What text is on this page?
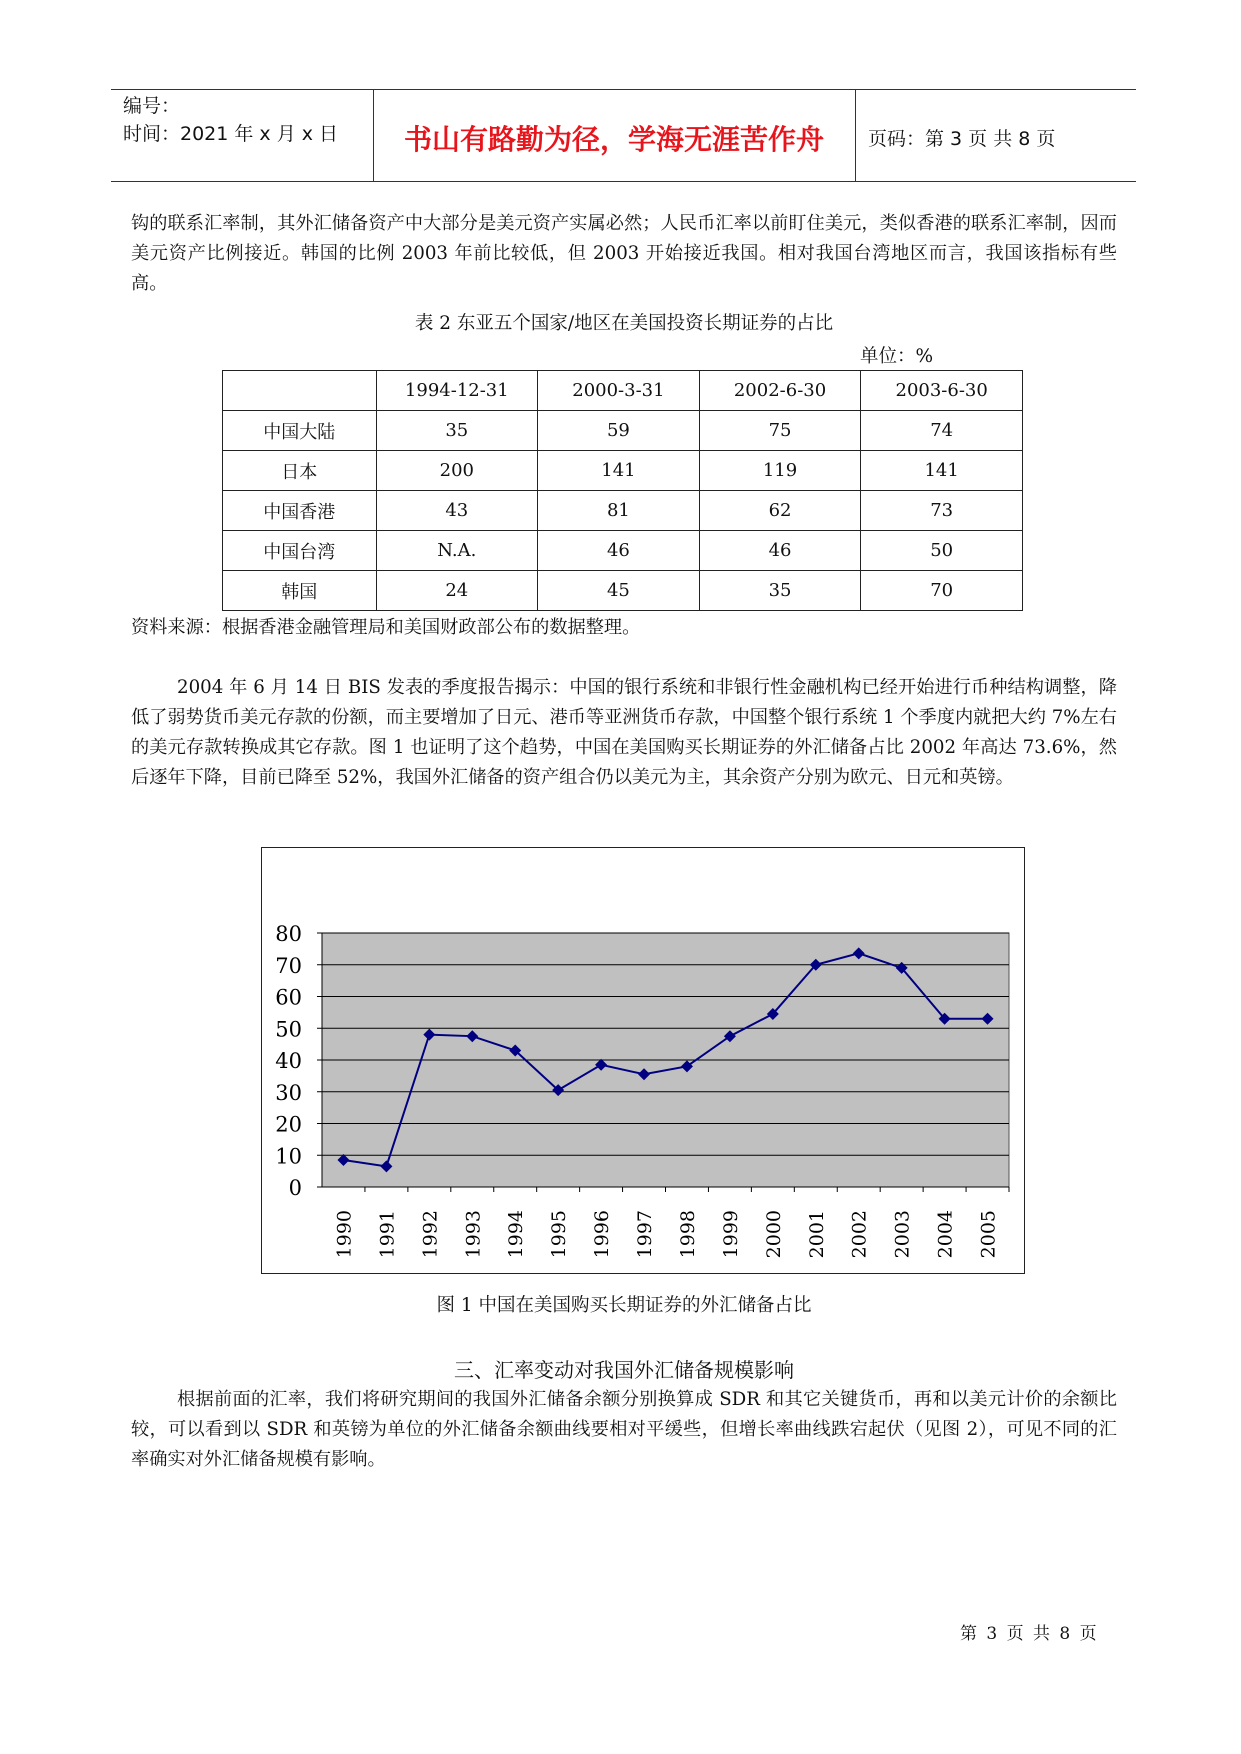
编号：
时间：2021 年 x 月 x 日	书山有路勤为径，学海无涯苦作舟	页码：第 3 页 共 8 页

钩的联系汇率制，其外汇储备资产中大部分是美元资产实属必然；人民币汇率以前盯住美元，类似香港的联系汇率制，因而美元资产比例接近。韩国的比例 2003 年前比较低，但 2003 开始接近我国。相对我国台湾地区而言，我国该指标有些高。

表 2 东亚五个国家/地区在美国投资长期证券的占比

单位：%

	1994-12-31	2000-3-31	2002-6-30	2003-6-30
中国大陆	35	59	75	74
日本	200	141	119	141
中国香港	43	81	62	73
中国台湾	N.A.	46	46	50
韩国	24	45	35	70

资料来源：根据香港金融管理局和美国财政部公布的数据整理。

2004 年 6 月 14 日 BIS 发表的季度报告揭示：中国的银行系统和非银行性金融机构已经开始进行币种结构调整，降低了弱势货币美元存款的份额，而主要增加了日元、港币等亚洲货币存款，中国整个银行系统 1 个季度内就把大约 7%左右的美元存款转换成其它存款。图 1 也证明了这个趋势，中国在美国购买长期证券的外汇储备占比 2002 年高达 73.6%，然后逐年下降，目前已降至 52%，我国外汇储备的资产组合仍以美元为主，其余资产分别为欧元、日元和英镑。

0
10
20
30
40
50
60
70
80
1990 1991 1992 1993 1994 1995 1996 1997 1998 1999 2000 2001 2002 2003 2004 2005

图 1 中国在美国购买长期证券的外汇储备占比

三、汇率变动对我国外汇储备规模影响

根据前面的汇率，我们将研究期间的我国外汇储备余额分别换算成 SDR 和其它关键货币，再和以美元计价的余额比较，可以看到以 SDR 和英镑为单位的外汇储备余额曲线要相对平缓些，但增长率曲线跌宕起伏（见图 2），可见不同的汇率确实对外汇储备规模有影响。

第 3 页 共 8 页
